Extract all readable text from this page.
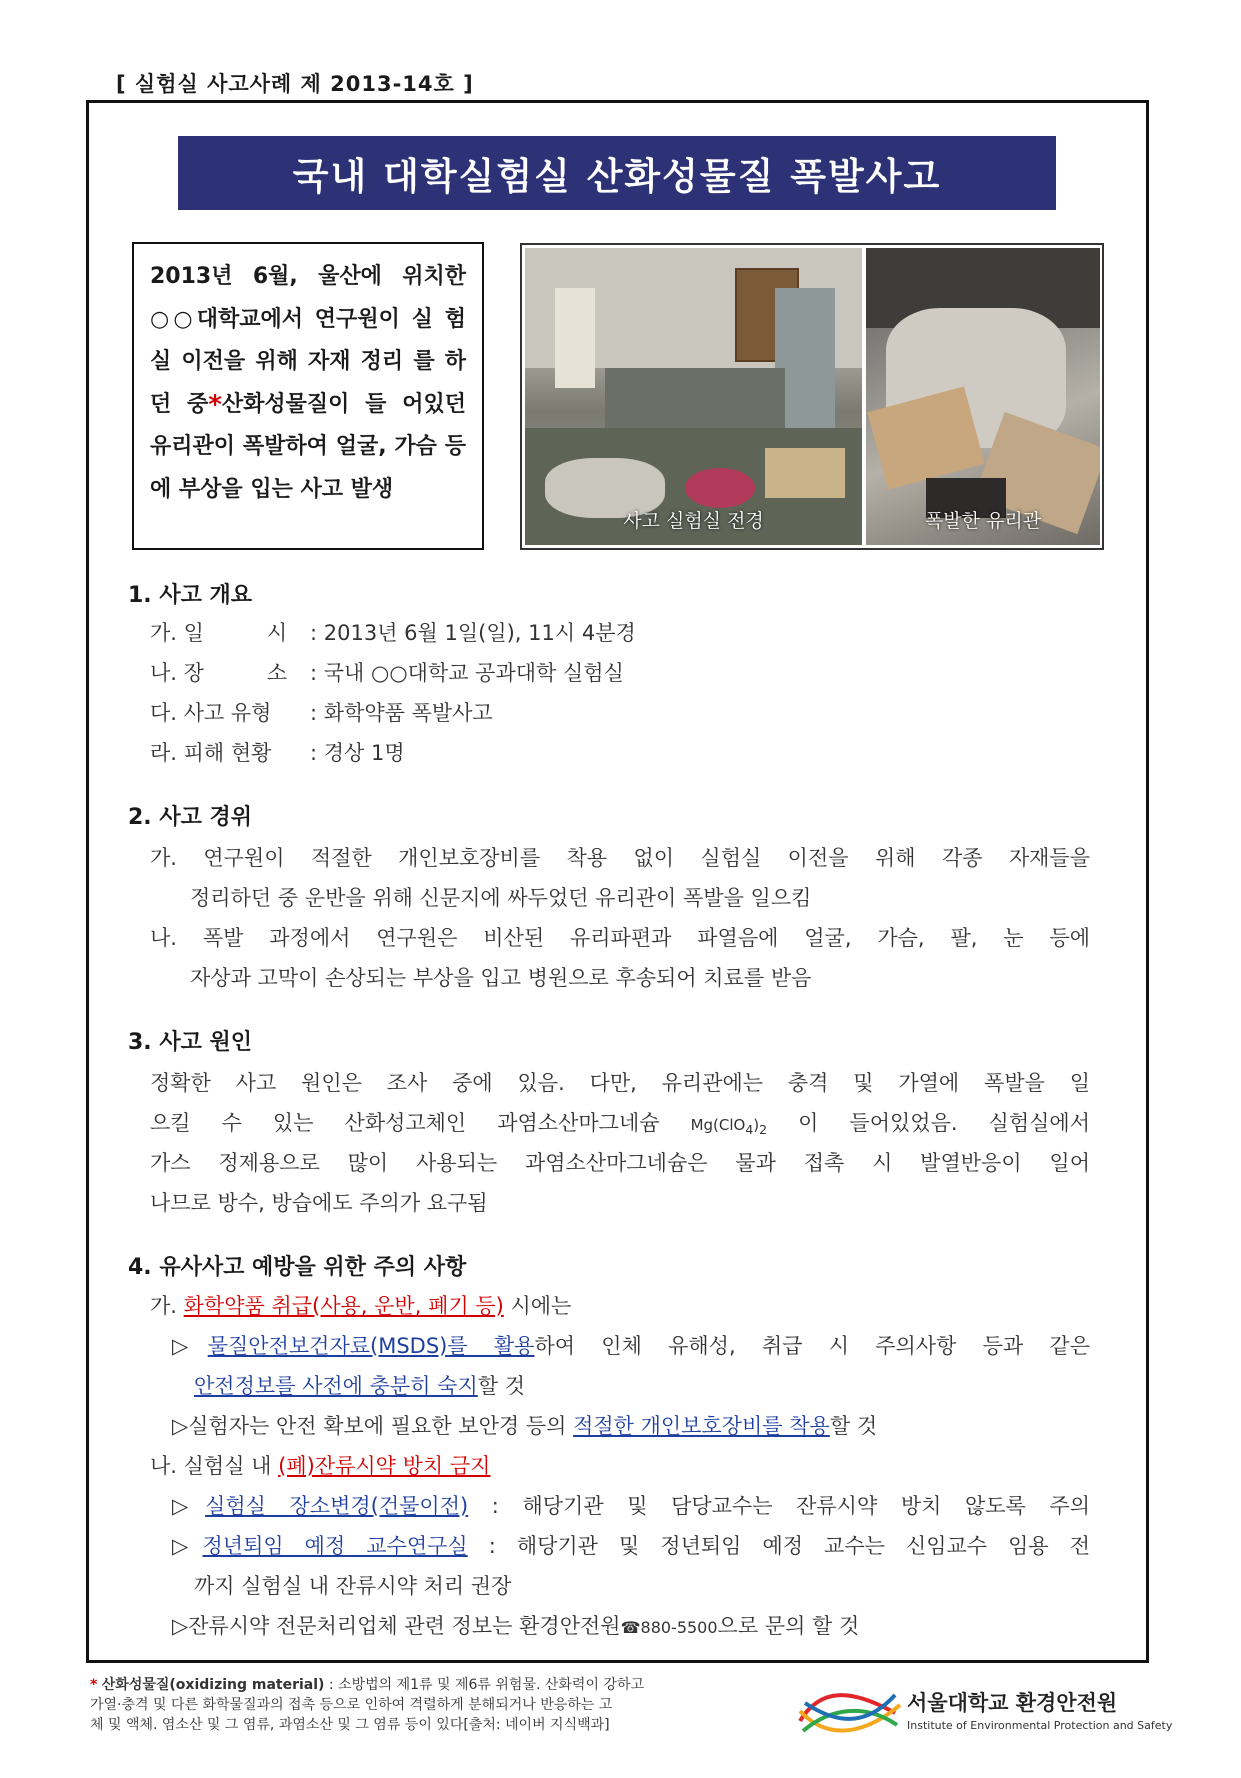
[ 실험실 사고사례 제 2013-14호 ]
국내 대학실험실 산화성물질 폭발사고
2013년 6월, 울산에 위치한 ○○대학교에서 연구원이 실 험실 이전을 위해 자재 정리 를 하던 중*산화성물질이 들 어있던 유리관이 폭발하여 얼굴, 가슴 등에 부상을 입는 사고 발생
사고 실험실 전경	폭발한 유리관
1. 사고 개요
가. 일　　　시 : 2013년 6월 1일(일), 11시 4분경
나. 장　　　소 : 국내 ○○대학교 공과대학 실험실
다. 사고 유형 : 화학약품 폭발사고
라. 피해 현황 : 경상 1명
2. 사고 경위
가. 연구원이 적절한 개인보호장비를 착용 없이 실험실 이전을 위해 각종 자재들을
정리하던 중 운반을 위해 신문지에 싸두었던 유리관이 폭발을 일으킴
나. 폭발 과정에서 연구원은 비산된 유리파편과 파열음에 얼굴, 가슴, 팔, 눈 등에
자상과 고막이 손상되는 부상을 입고 병원으로 후송되어 치료를 받음
3. 사고 원인
정확한 사고 원인은 조사 중에 있음. 다만, 유리관에는 충격 및 가열에 폭발을 일
으킬 수 있는 산화성고체인 과염소산마그네슘 $Mg(ClO_4)_2$ 이 들어있었음. 실험실에서
가스 정제용으로 많이 사용되는 과염소산마그네슘은 물과 접촉 시 발열반응이 일어
나므로 방수, 방습에도 주의가 요구됨
4. 유사사고 예방을 위한 주의 사항
가. 화학약품 취급(사용, 운반, 폐기 등) 시에는
▷물질안전보건자료(MSDS)를 활용하여 인체 유해성, 취급 시 주의사항 등과 같은
안전정보를 사전에 충분히 숙지할 것
▷실험자는 안전 확보에 필요한 보안경 등의 적절한 개인보호장비를 착용할 것
나. 실험실 내 (폐)잔류시약 방치 금지
▷실험실 장소변경(건물이전) : 해당기관 및 담당교수는 잔류시약 방치 않도록 주의
▷정년퇴임 예정 교수연구실 : 해당기관 및 정년퇴임 예정 교수는 신임교수 임용 전
까지 실험실 내 잔류시약 처리 권장
▷잔류시약 전문처리업체 관련 정보는 환경안전원☎880-5500으로 문의 할 것
* 산화성물질(oxidizing material) : 소방법의 제1류 및 제6류 위험물. 산화력이 강하고
가열·충격 및 다른 화학물질과의 접촉 등으로 인하여 격렬하게 분해되거나 반응하는 고
체 및 액체. 염소산 및 그 염류, 과염소산 및 그 염류 등이 있다[출처: 네이버 지식백과]
서울대학교 환경안전원
Institute of Environmental Protection and Safety
